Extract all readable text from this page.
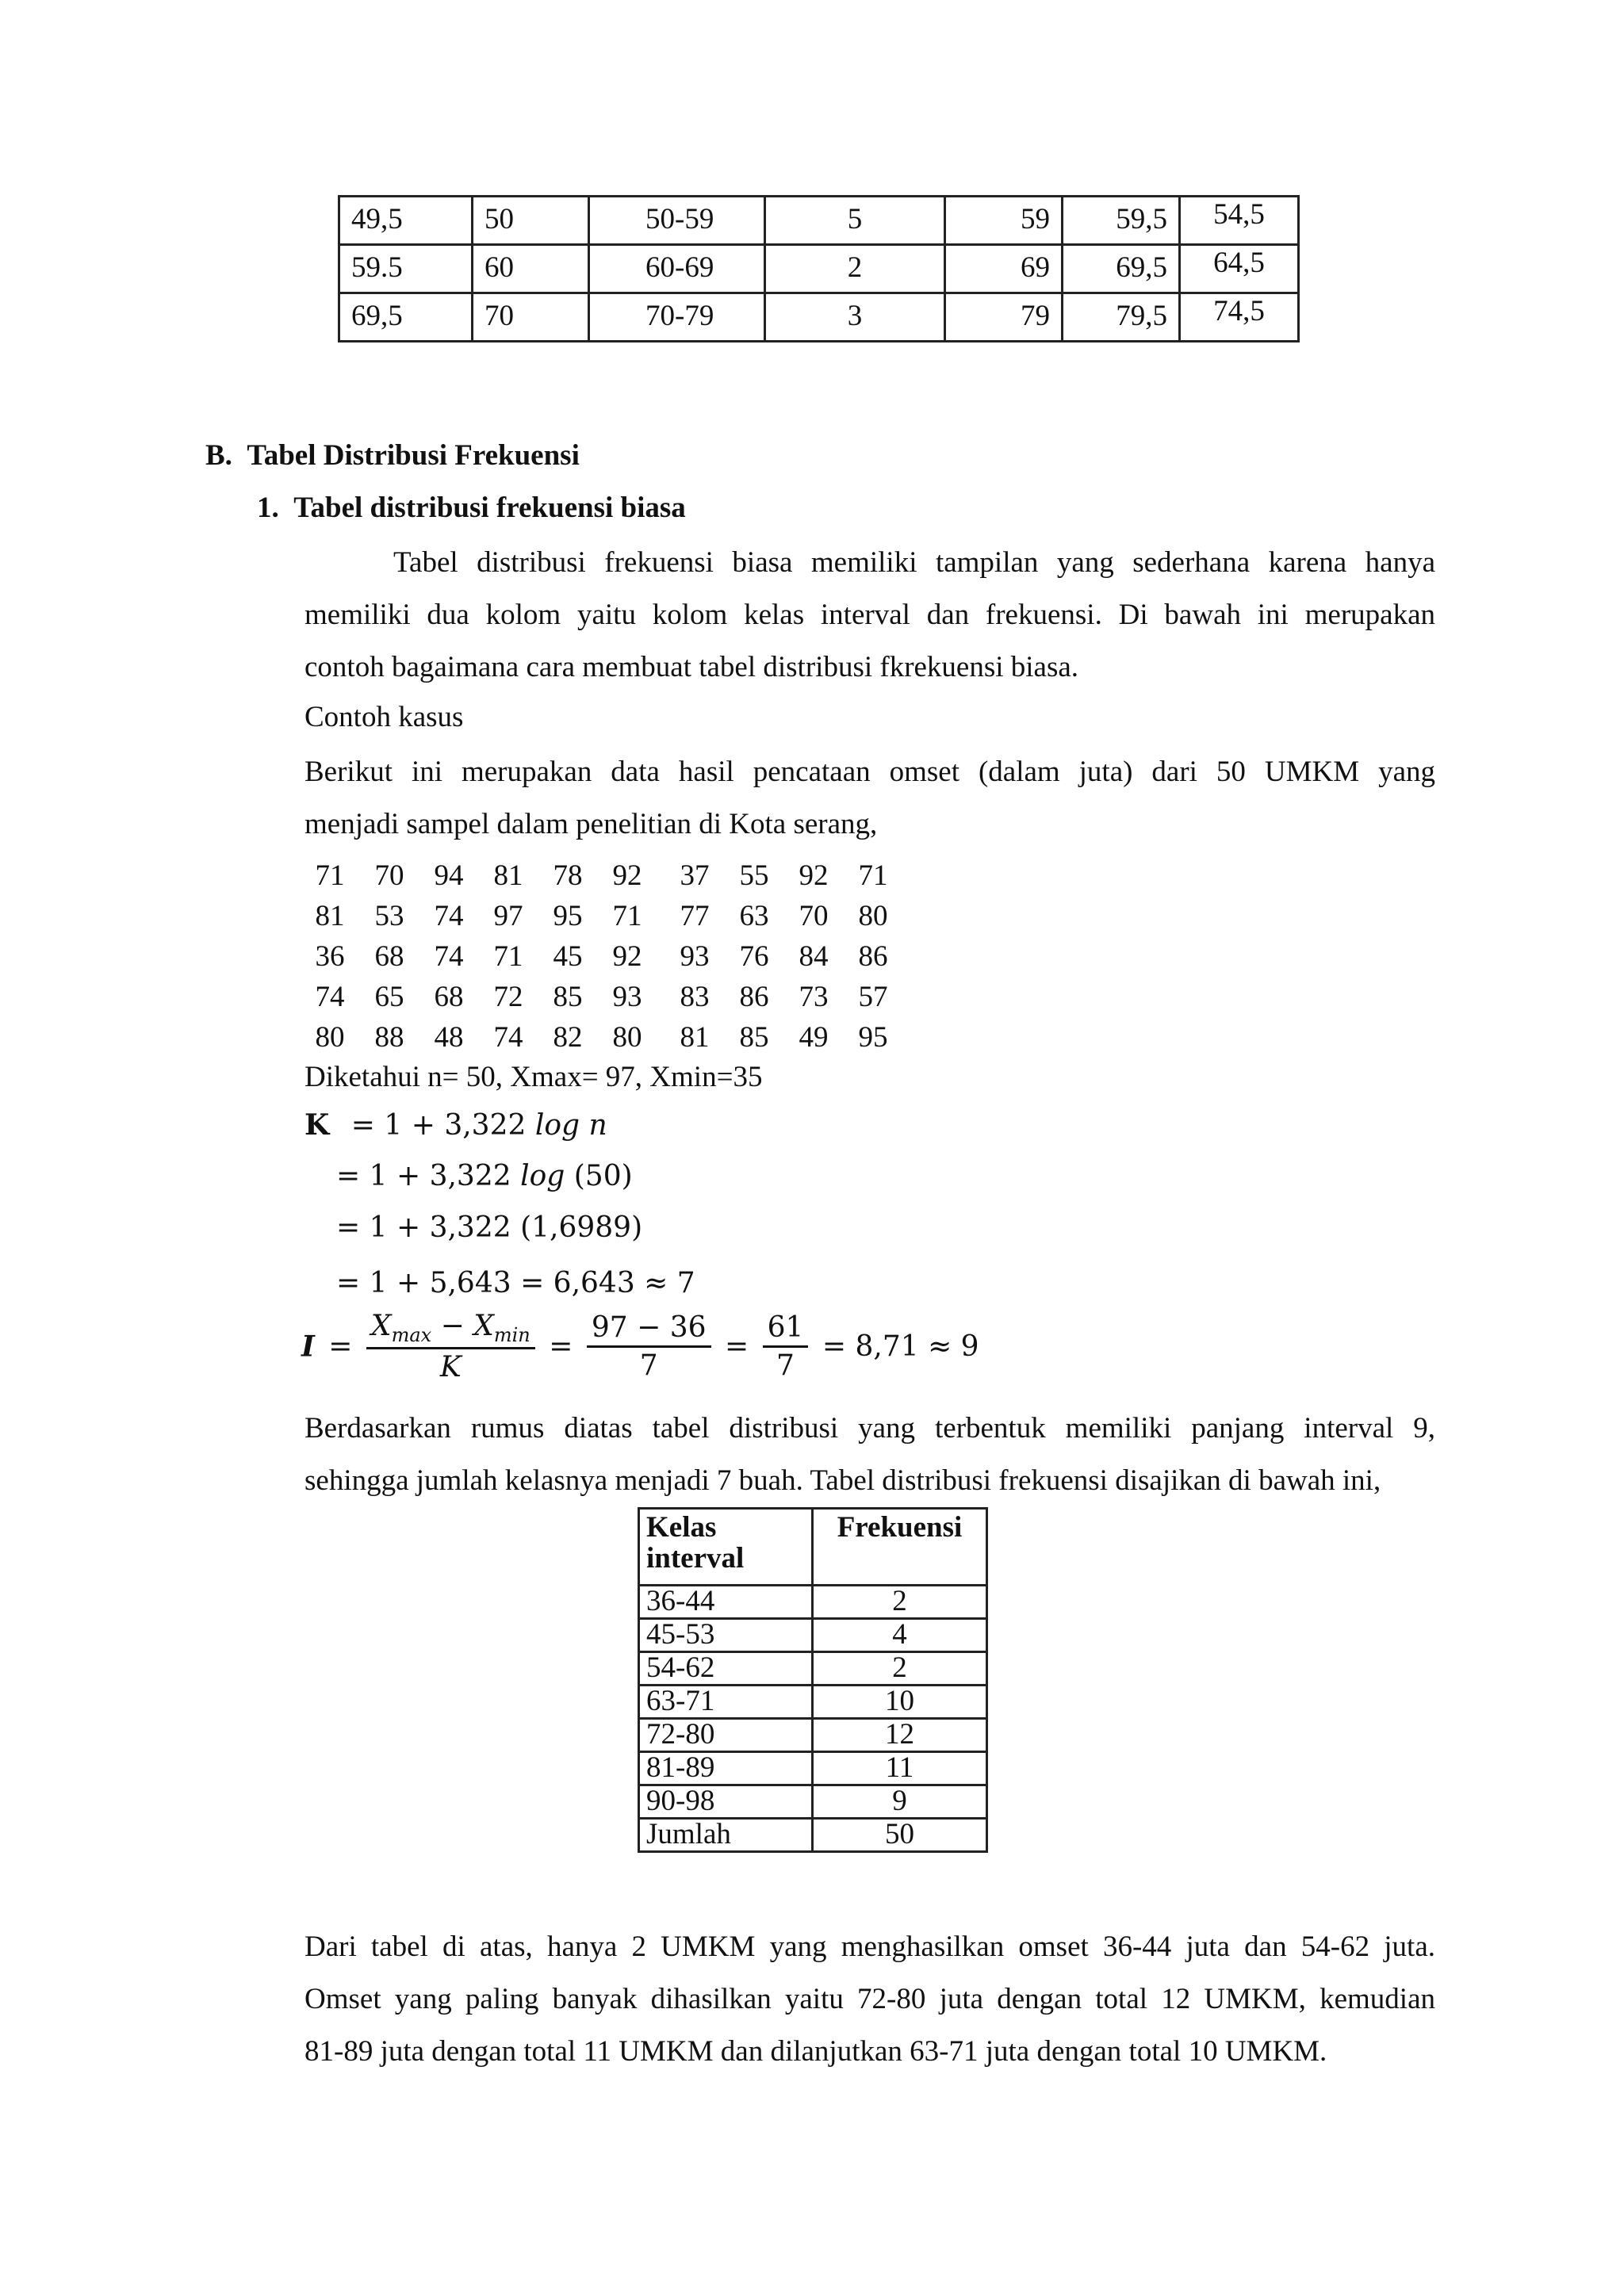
49,5	50	50-59	5	59	59,5	54,5
59.5	60	60-69	2	69	69,5	64,5
69,5	70	70-79	3	79	79,5	74,5
B.  Tabel Distribusi Frekuensi
1.  Tabel distribusi frekuensi biasa
Tabel distribusi frekuensi biasa memiliki tampilan yang sederhana karena hanya
memiliki dua kolom yaitu kolom kelas interval dan frekuensi. Di bawah ini merupakan
contoh bagaimana cara membuat tabel distribusi fkrekuensi biasa.
Contoh kasus
Berikut ini merupakan data hasil pencataan omset (dalam juta) dari 50 UMKM yang
menjadi sampel dalam penelitian di Kota serang,
71	70	94	81	78	92	37	55	92	71
81	53	74	97	95	71	77	63	70	80
36	68	74	71	45	92	93	76	84	86
74	65	68	72	85	93	83	86	73	57
80	88	48	74	82	80	81	85	49	95
Diketahui n= 50, Xmax= 97, Xmin=35
K = 1 + 3,322 log n
= 1 + 3,322 log (50)
= 1 + 3,322 (1,6989)
= 1 + 5,643 = 6,643 ≈ 7
$I = \frac{X_{max} - X_{min}}{K} = \frac{97 - 36}{7} = \frac{61}{7} = 8,71 \approx 9$
Berdasarkan rumus diatas tabel distribusi yang terbentuk memiliki panjang interval 9,
sehingga jumlah kelasnya menjadi 7 buah. Tabel distribusi frekuensi disajikan di bawah ini,
Kelas interval	Frekuensi
36-44	2
45-53	4
54-62	2
63-71	10
72-80	12
81-89	11
90-98	9
Jumlah	50
Dari tabel di atas, hanya 2 UMKM yang menghasilkan omset 36-44 juta dan 54-62 juta.
Omset yang paling banyak dihasilkan yaitu 72-80 juta dengan total 12 UMKM, kemudian
81-89 juta dengan total 11 UMKM dan dilanjutkan 63-71 juta dengan total 10 UMKM.
